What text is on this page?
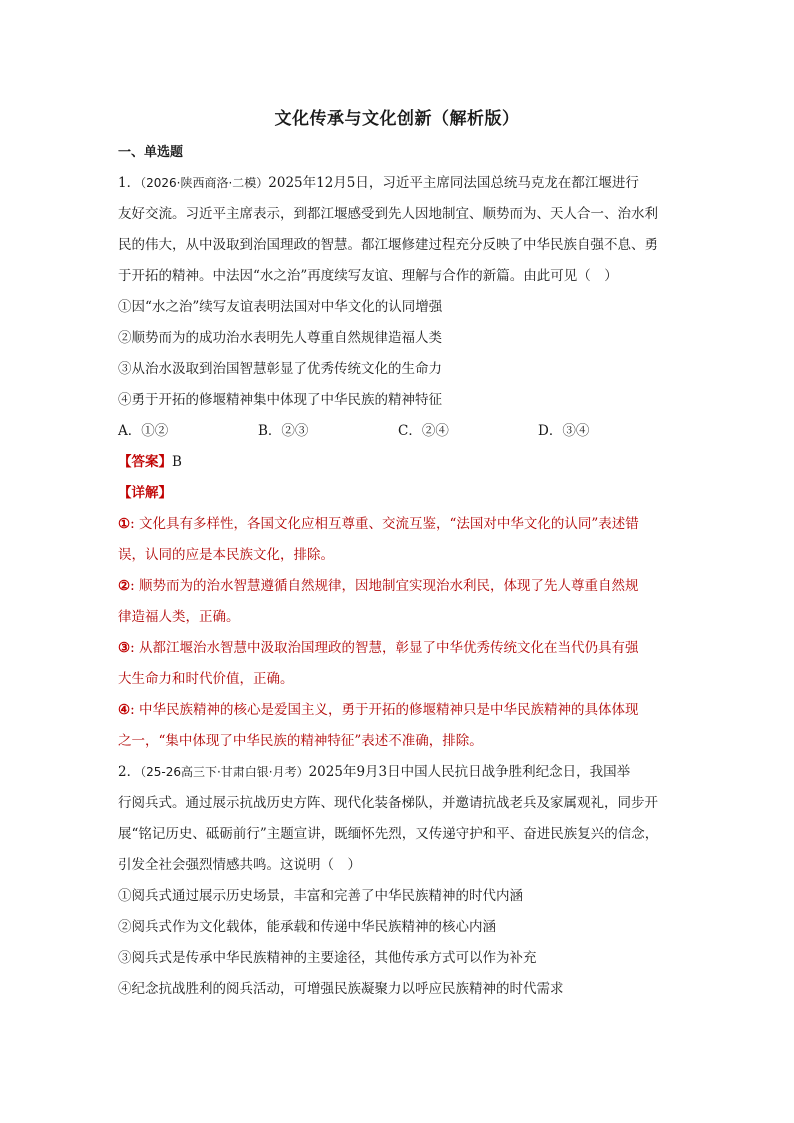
文化传承与文化创新（解析版）
一、单选题

1．（2026·陕西商洛·二模）2025年12月5日，习近平主席同法国总统马克龙在都江堰进行

友好交流。习近平主席表示，到都江堰感受到先人因地制宜、顺势而为、天人合一、治水利

民的伟大，从中汲取到治国理政的智慧。都江堰修建过程充分反映了中华民族自强不息、勇

于开拓的精神。中法因“水之治”再度续写友谊、理解与合作的新篇。由此可见（　）

①因“水之治”续写友谊表明法国对中华文化的认同增强

②顺势而为的成功治水表明先人尊重自然规律造福人类

③从治水汲取到治国智慧彰显了优秀传统文化的生命力

④勇于开拓的修堰精神集中体现了中华民族的精神特征

A．①②	B．②③	C．②④	D．③④

【答案】B

【详解】

①: 文化具有多样性，各国文化应相互尊重、交流互鉴，“法国对中华文化的认同”表述错

误，认同的应是本民族文化，排除。

②: 顺势而为的治水智慧遵循自然规律，因地制宜实现治水利民，体现了先人尊重自然规

律造福人类，正确。

③: 从都江堰治水智慧中汲取治国理政的智慧，彰显了中华优秀传统文化在当代仍具有强

大生命力和时代价值，正确。

④: 中华民族精神的核心是爱国主义，勇于开拓的修堰精神只是中华民族精神的具体体现

之一，“集中体现了中华民族的精神特征”表述不准确，排除。

2．（25-26高三下·甘肃白银·月考）2025年9月3日中国人民抗日战争胜利纪念日，我国举

行阅兵式。通过展示抗战历史方阵、现代化装备梯队，并邀请抗战老兵及家属观礼，同步开

展“铭记历史、砥砺前行”主题宣讲，既缅怀先烈，又传递守护和平、奋进民族复兴的信念，

引发全社会强烈情感共鸣。这说明（　）

①阅兵式通过展示历史场景，丰富和完善了中华民族精神的时代内涵

②阅兵式作为文化载体，能承载和传递中华民族精神的核心内涵

③阅兵式是传承中华民族精神的主要途径，其他传承方式可以作为补充

④纪念抗战胜利的阅兵活动，可增强民族凝聚力以呼应民族精神的时代需求
